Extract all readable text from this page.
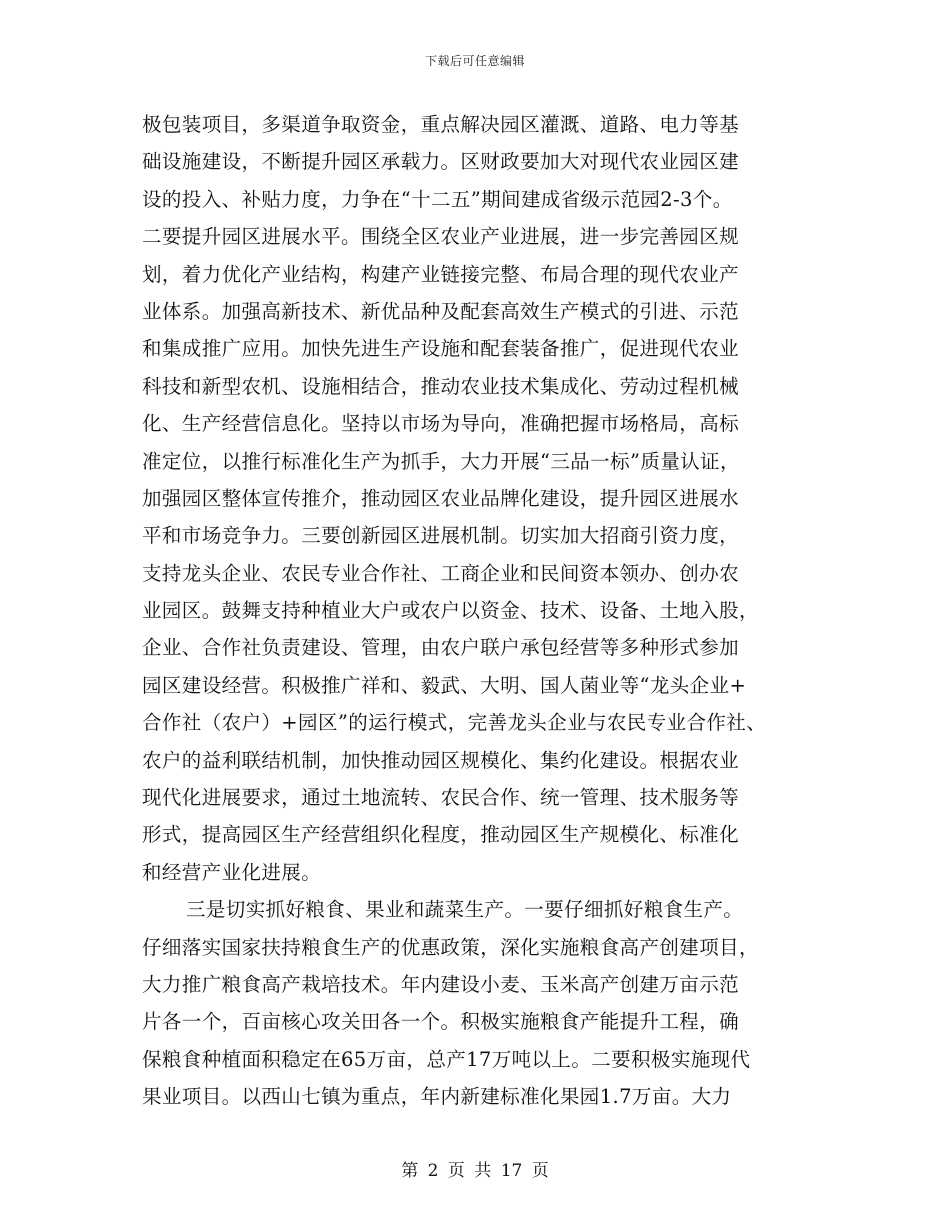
下载后可任意编辑
极包装项目，多渠道争取资金，重点解决园区灌溉、道路、电力等基
础设施建设，不断提升园区承载力。区财政要加大对现代农业园区建
设的投入、补贴力度，力争在“十二五”期间建成省级示范园2-3个。
二要提升园区进展水平。围绕全区农业产业进展，进一步完善园区规
划，着力优化产业结构，构建产业链接完整、布局合理的现代农业产
业体系。加强高新技术、新优品种及配套高效生产模式的引进、示范
和集成推广应用。加快先进生产设施和配套装备推广，促进现代农业
科技和新型农机、设施相结合，推动农业技术集成化、劳动过程机械
化、生产经营信息化。坚持以市场为导向，准确把握市场格局，高标
准定位，以推行标准化生产为抓手，大力开展“三品一标”质量认证，
加强园区整体宣传推介，推动园区农业品牌化建设，提升园区进展水
平和市场竞争力。三要创新园区进展机制。切实加大招商引资力度，
支持龙头企业、农民专业合作社、工商企业和民间资本领办、创办农
业园区。鼓舞支持种植业大户或农户以资金、技术、设备、土地入股，
企业、合作社负责建设、管理，由农户联户承包经营等多种形式参加
园区建设经营。积极推广祥和、毅武、大明、国人菌业等“龙头企业+
合作社（农户）+园区”的运行模式，完善龙头企业与农民专业合作社、
农户的益利联结机制，加快推动园区规模化、集约化建设。根据农业
现代化进展要求，通过土地流转、农民合作、统一管理、技术服务等
形式，提高园区生产经营组织化程度，推动园区生产规模化、标准化
和经营产业化进展。
三是切实抓好粮食、果业和蔬菜生产。一要仔细抓好粮食生产。
仔细落实国家扶持粮食生产的优惠政策，深化实施粮食高产创建项目，
大力推广粮食高产栽培技术。年内建设小麦、玉米高产创建万亩示范
片各一个，百亩核心攻关田各一个。积极实施粮食产能提升工程，确
保粮食种植面积稳定在65万亩，总产17万吨以上。二要积极实施现代
果业项目。以西山七镇为重点，年内新建标准化果园1.7万亩。大力
第 2 页 共 17 页
